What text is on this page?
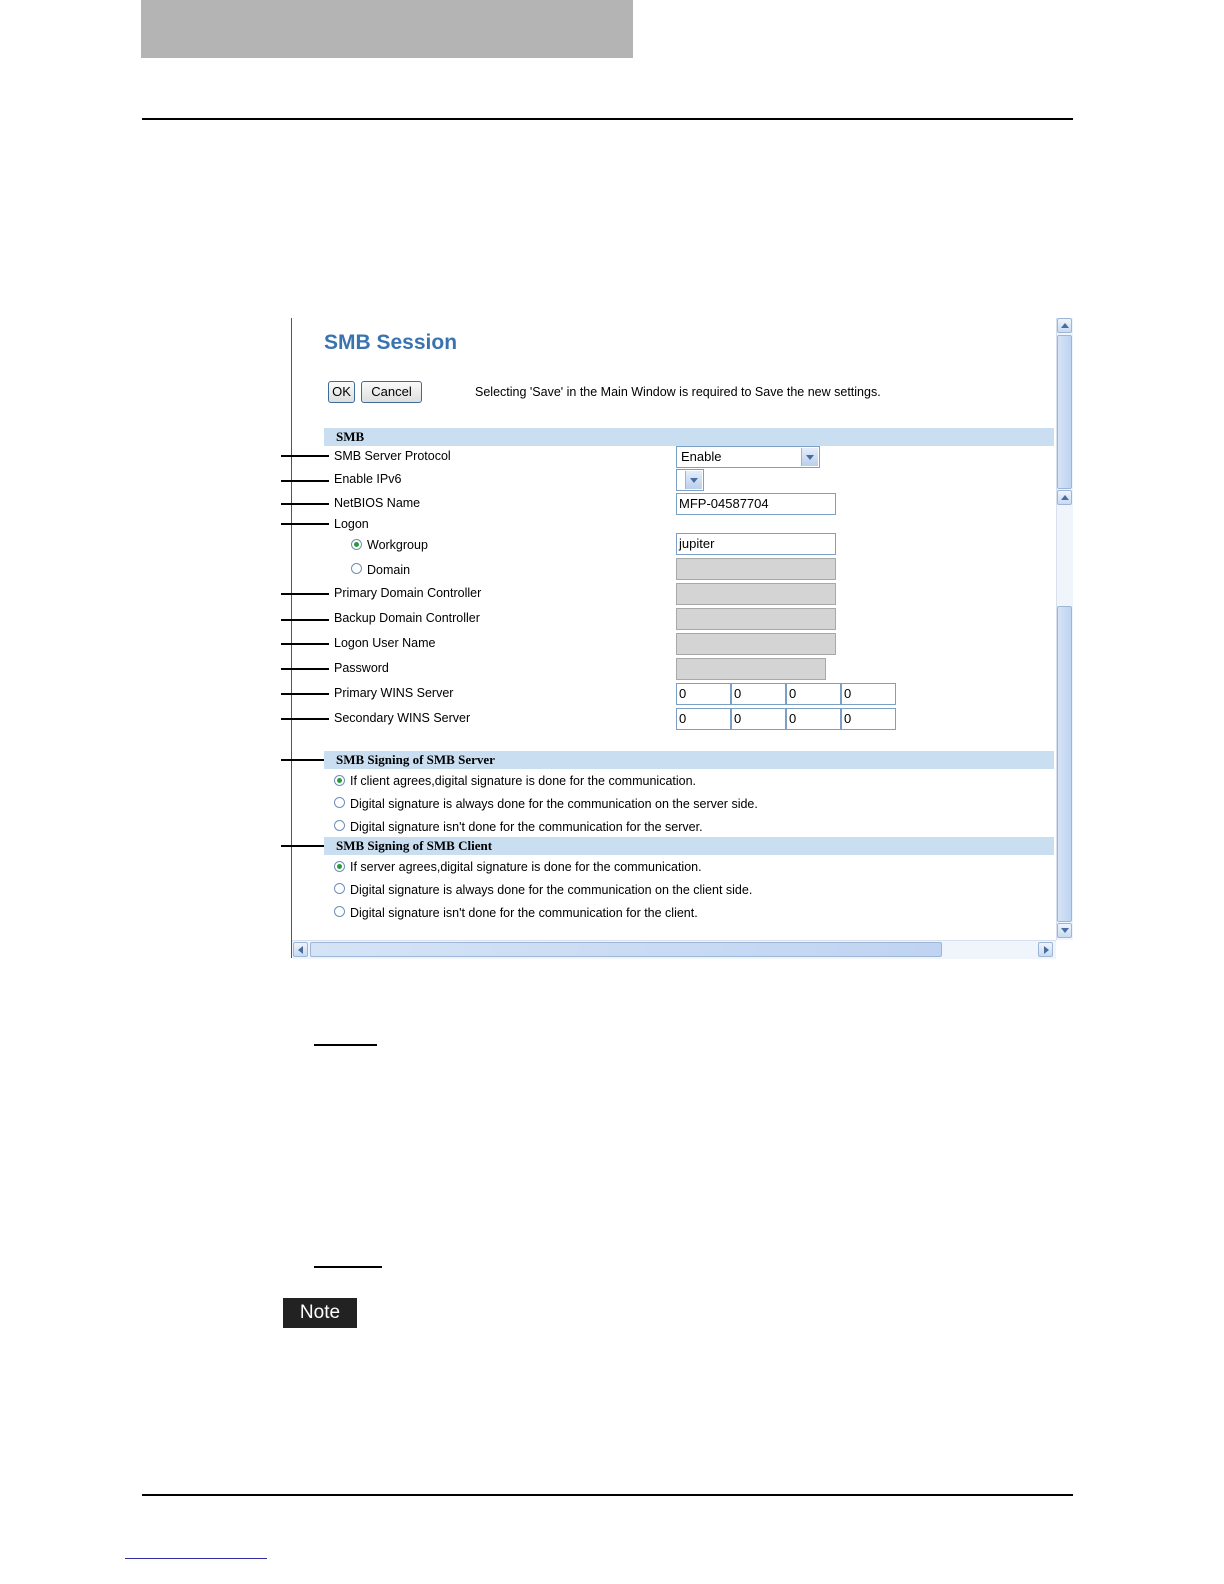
SMB Session
OK	Cancel	Selecting 'Save' in the Main Window is required to Save the new settings.
SMB
SMB Server Protocol	Enable
Enable IPv6
NetBIOS Name	MFP-04587704
Logon
Workgroup	jupiter
Domain
Primary Domain Controller
Backup Domain Controller
Logon User Name
Password
Primary WINS Server	0	0	0	0
Secondary WINS Server	0	0	0	0
SMB Signing of SMB Server
If client agrees,digital signature is done for the communication.
Digital signature is always done for the communication on the server side.
Digital signature isn't done for the communication for the server.
SMB Signing of SMB Client
If server agrees,digital signature is done for the communication.
Digital signature is always done for the communication on the client side.
Digital signature isn't done for the communication for the client.
Note
